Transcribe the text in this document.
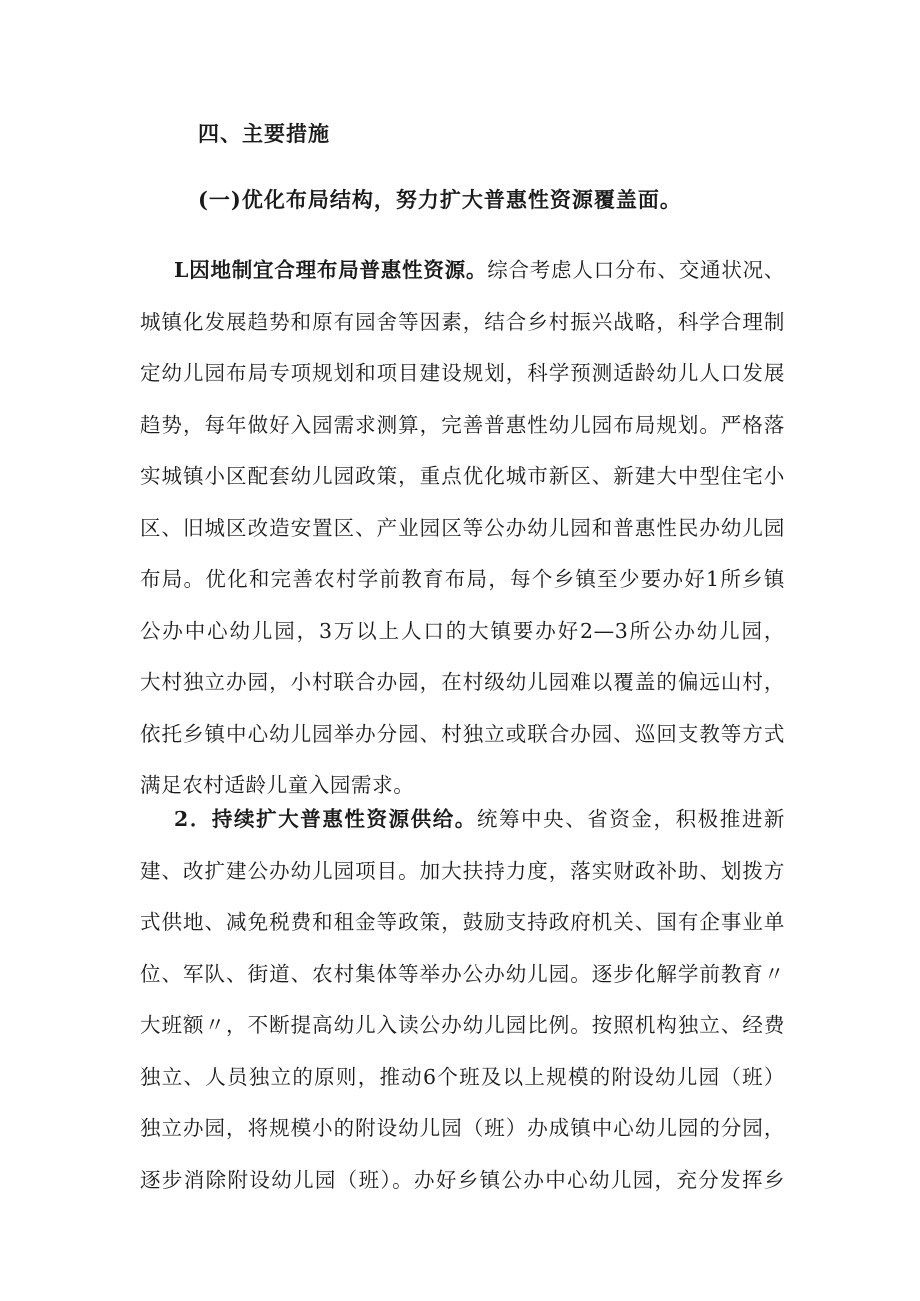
四、主要措施
(一)优化布局结构，努力扩大普惠性资源覆盖面。
L因地制宜合理布局普惠性资源。综合考虑人口分布、交通状况、
城镇化发展趋势和原有园舍等因素，结合乡村振兴战略，科学合理制
定幼儿园布局专项规划和项目建设规划，科学预测适龄幼儿人口发展
趋势，每年做好入园需求测算，完善普惠性幼儿园布局规划。严格落
实城镇小区配套幼儿园政策，重点优化城市新区、新建大中型住宅小
区、旧城区改造安置区、产业园区等公办幼儿园和普惠性民办幼儿园
布局。优化和完善农村学前教育布局，每个乡镇至少要办好1所乡镇
公办中心幼儿园，3万以上人口的大镇要办好2—3所公办幼儿园，
大村独立办园，小村联合办园，在村级幼儿园难以覆盖的偏远山村，
依托乡镇中心幼儿园举办分园、村独立或联合办园、巡回支教等方式
满足农村适龄儿童入园需求。
2．持续扩大普惠性资源供给。统筹中央、省资金，积极推进新
建、改扩建公办幼儿园项目。加大扶持力度，落实财政补助、划拨方
式供地、减免税费和租金等政策，鼓励支持政府机关、国有企事业单
位、军队、街道、农村集体等举办公办幼儿园。逐步化解学前教育〃
大班额〃，不断提高幼儿入读公办幼儿园比例。按照机构独立、经费
独立、人员独立的原则，推动6个班及以上规模的附设幼儿园（班）
独立办园，将规模小的附设幼儿园（班）办成镇中心幼儿园的分园，
逐步消除附设幼儿园（班）。办好乡镇公办中心幼儿园，充分发挥乡
